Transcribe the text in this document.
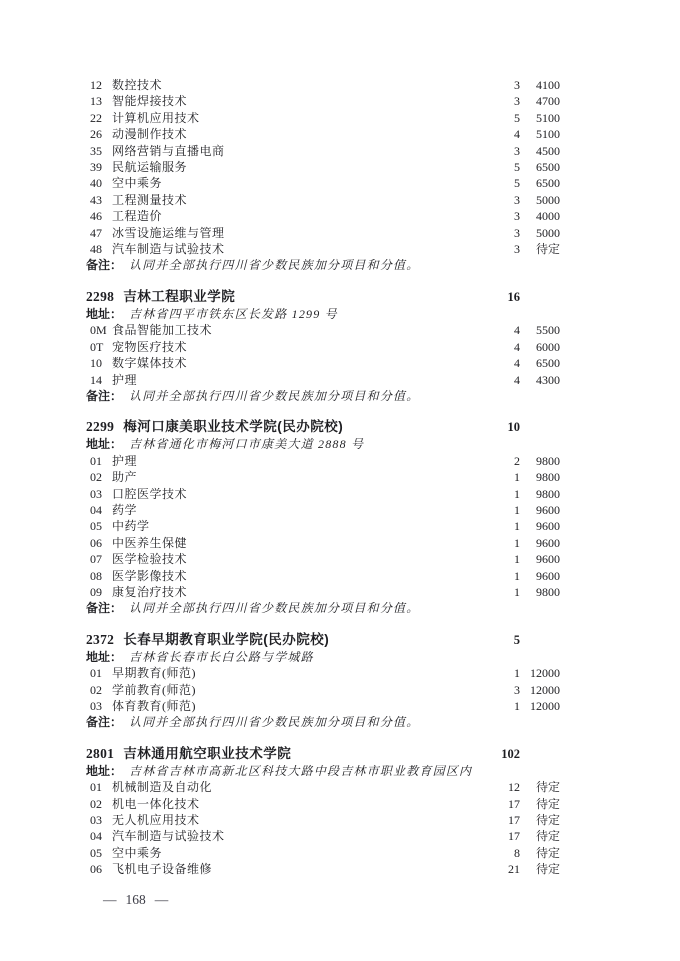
12 数控技术	3	4100
13 智能焊接技术	3	4700
22 计算机应用技术	5	5100
26 动漫制作技术	4	5100
35 网络营销与直播电商	3	4500
39 民航运输服务	5	6500
40 空中乘务	5	6500
43 工程测量技术	3	5000
46 工程造价	3	4000
47 冰雪设施运维与管理	3	5000
48 汽车制造与试验技术	3	待定
备注： 认同并全部执行四川省少数民族加分项目和分值。
2298 吉林工程职业学院	16
地址： 吉林省四平市铁东区长发路 1299 号
0M 食品智能加工技术	4	5500
0T 宠物医疗技术	4	6000
10 数字媒体技术	4	6500
14 护理	4	4300
备注： 认同并全部执行四川省少数民族加分项目和分值。
2299 梅河口康美职业技术学院(民办院校)	10
地址： 吉林省通化市梅河口市康美大道 2888 号
01 护理	2	9800
02 助产	1	9800
03 口腔医学技术	1	9800
04 药学	1	9600
05 中药学	1	9600
06 中医养生保健	1	9600
07 医学检验技术	1	9600
08 医学影像技术	1	9600
09 康复治疗技术	1	9800
备注： 认同并全部执行四川省少数民族加分项目和分值。
2372 长春早期教育职业学院(民办院校)	5
地址： 吉林省长春市长白公路与学城路
01 早期教育(师范)	1 12000
02 学前教育(师范)	3 12000
03 体育教育(师范)	1 12000
备注： 认同并全部执行四川省少数民族加分项目和分值。
2801 吉林通用航空职业技术学院	102
地址： 吉林省吉林市高新北区科技大路中段吉林市职业教育园区内
01 机械制造及自动化	12	待定
02 机电一体化技术	17	待定
03 无人机应用技术	17	待定
04 汽车制造与试验技术	17	待定
05 空中乘务	8	待定
06 飞机电子设备维修	21	待定
— 168 —
